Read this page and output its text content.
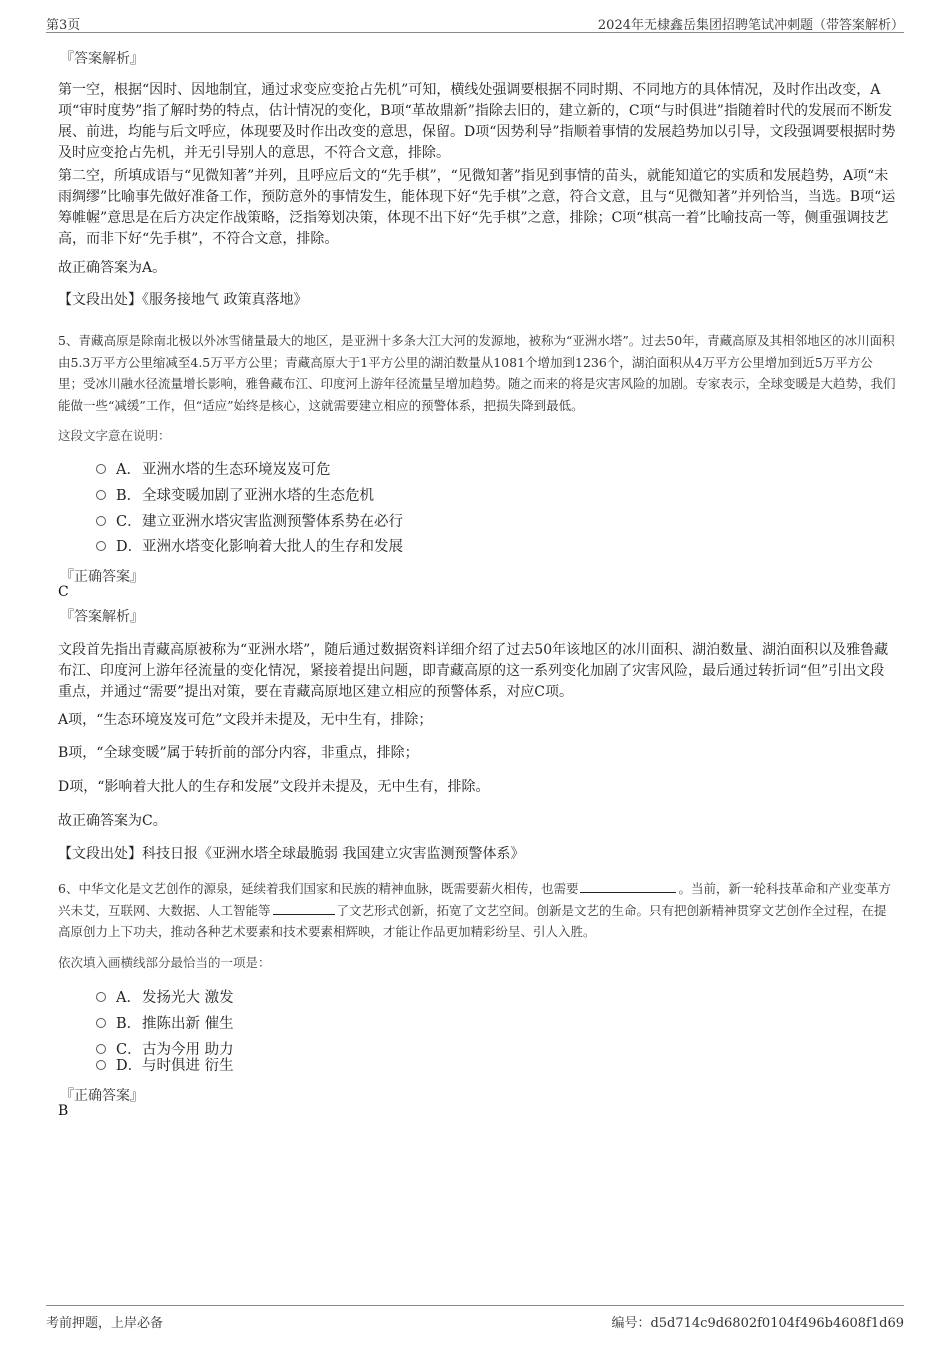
第3页	2024年无棣鑫岳集团招聘笔试冲刺题（带答案解析）
『答案解析』
第一空，根据“因时、因地制宜，通过求变应变抢占先机”可知，横线处强调要根据不同时期、不同地方的具体情况，及时作出改变，A项“审时度势”指了解时势的特点，估计情况的变化，B项“革故鼎新”指除去旧的，建立新的，C项“与时俱进”指随着时代的发展而不断发展、前进，均能与后文呼应，体现要及时作出改变的意思，保留。D项“因势利导”指顺着事情的发展趋势加以引导，文段强调要根据时势及时应变抢占先机，并无引导别人的意思，不符合文意，排除。
第二空，所填成语与“见微知著”并列，且呼应后文的“先手棋”，“见微知著”指见到事情的苗头，就能知道它的实质和发展趋势，A项“未雨绸缪”比喻事先做好准备工作，预防意外的事情发生，能体现下好“先手棋”之意，符合文意，且与“见微知著”并列恰当，当选。B项“运筹帷幄”意思是在后方决定作战策略，泛指筹划决策，体现不出下好“先手棋”之意，排除；C项“棋高一着”比喻技高一等，侧重强调技艺高，而非下好“先手棋”，不符合文意，排除。
故正确答案为A。
【文段出处】《服务接地气 政策真落地》
5、青藏高原是除南北极以外冰雪储量最大的地区，是亚洲十多条大江大河的发源地，被称为“亚洲水塔”。过去50年，青藏高原及其相邻地区的冰川面积由5.3万平方公里缩减至4.5万平方公里；青藏高原大于1平方公里的湖泊数量从1081个增加到1236个，湖泊面积从4万平方公里增加到近5万平方公里；受冰川融水径流量增长影响，雅鲁藏布江、印度河上游年径流量呈增加趋势。随之而来的将是灾害风险的加剧。专家表示，全球变暖是大趋势，我们能做一些“减缓”工作，但“适应”始终是核心，这就需要建立相应的预警体系，把损失降到最低。
这段文字意在说明：
A．亚洲水塔的生态环境岌岌可危
B．全球变暖加剧了亚洲水塔的生态危机
C．建立亚洲水塔灾害监测预警体系势在必行
D．亚洲水塔变化影响着大批人的生存和发展
『正确答案』
C
『答案解析』
文段首先指出青藏高原被称为“亚洲水塔”，随后通过数据资料详细介绍了过去50年该地区的冰川面积、湖泊数量、湖泊面积以及雅鲁藏布江、印度河上游年径流量的变化情况，紧接着提出问题，即青藏高原的这一系列变化加剧了灾害风险，最后通过转折词“但”引出文段重点，并通过“需要”提出对策，要在青藏高原地区建立相应的预警体系，对应C项。
A项，“生态环境岌岌可危”文段并未提及，无中生有，排除；
B项，“全球变暖”属于转折前的部分内容，非重点，排除；
D项，“影响着大批人的生存和发展”文段并未提及，无中生有，排除。
故正确答案为C。
【文段出处】科技日报《亚洲水塔全球最脆弱 我国建立灾害监测预警体系》
6、中华文化是文艺创作的源泉，延续着我们国家和民族的精神血脉，既需要薪火相传，也需要	。当前，新一轮科技革命和产业变革方兴未艾，互联网、大数据、人工智能等	了文艺形式创新，拓宽了文艺空间。创新是文艺的生命。只有把创新精神贯穿文艺创作全过程，在提高原创力上下功夫，推动各种艺术要素和技术要素相辉映，才能让作品更加精彩纷呈、引人入胜。
依次填入画横线部分最恰当的一项是：
A．发扬光大 激发
B．推陈出新 催生
C．古为今用 助力
D．与时俱进 衍生
『正确答案』
B
考前押题，上岸必备	编号：d5d714c9d6802f0104f496b4608f1d69
